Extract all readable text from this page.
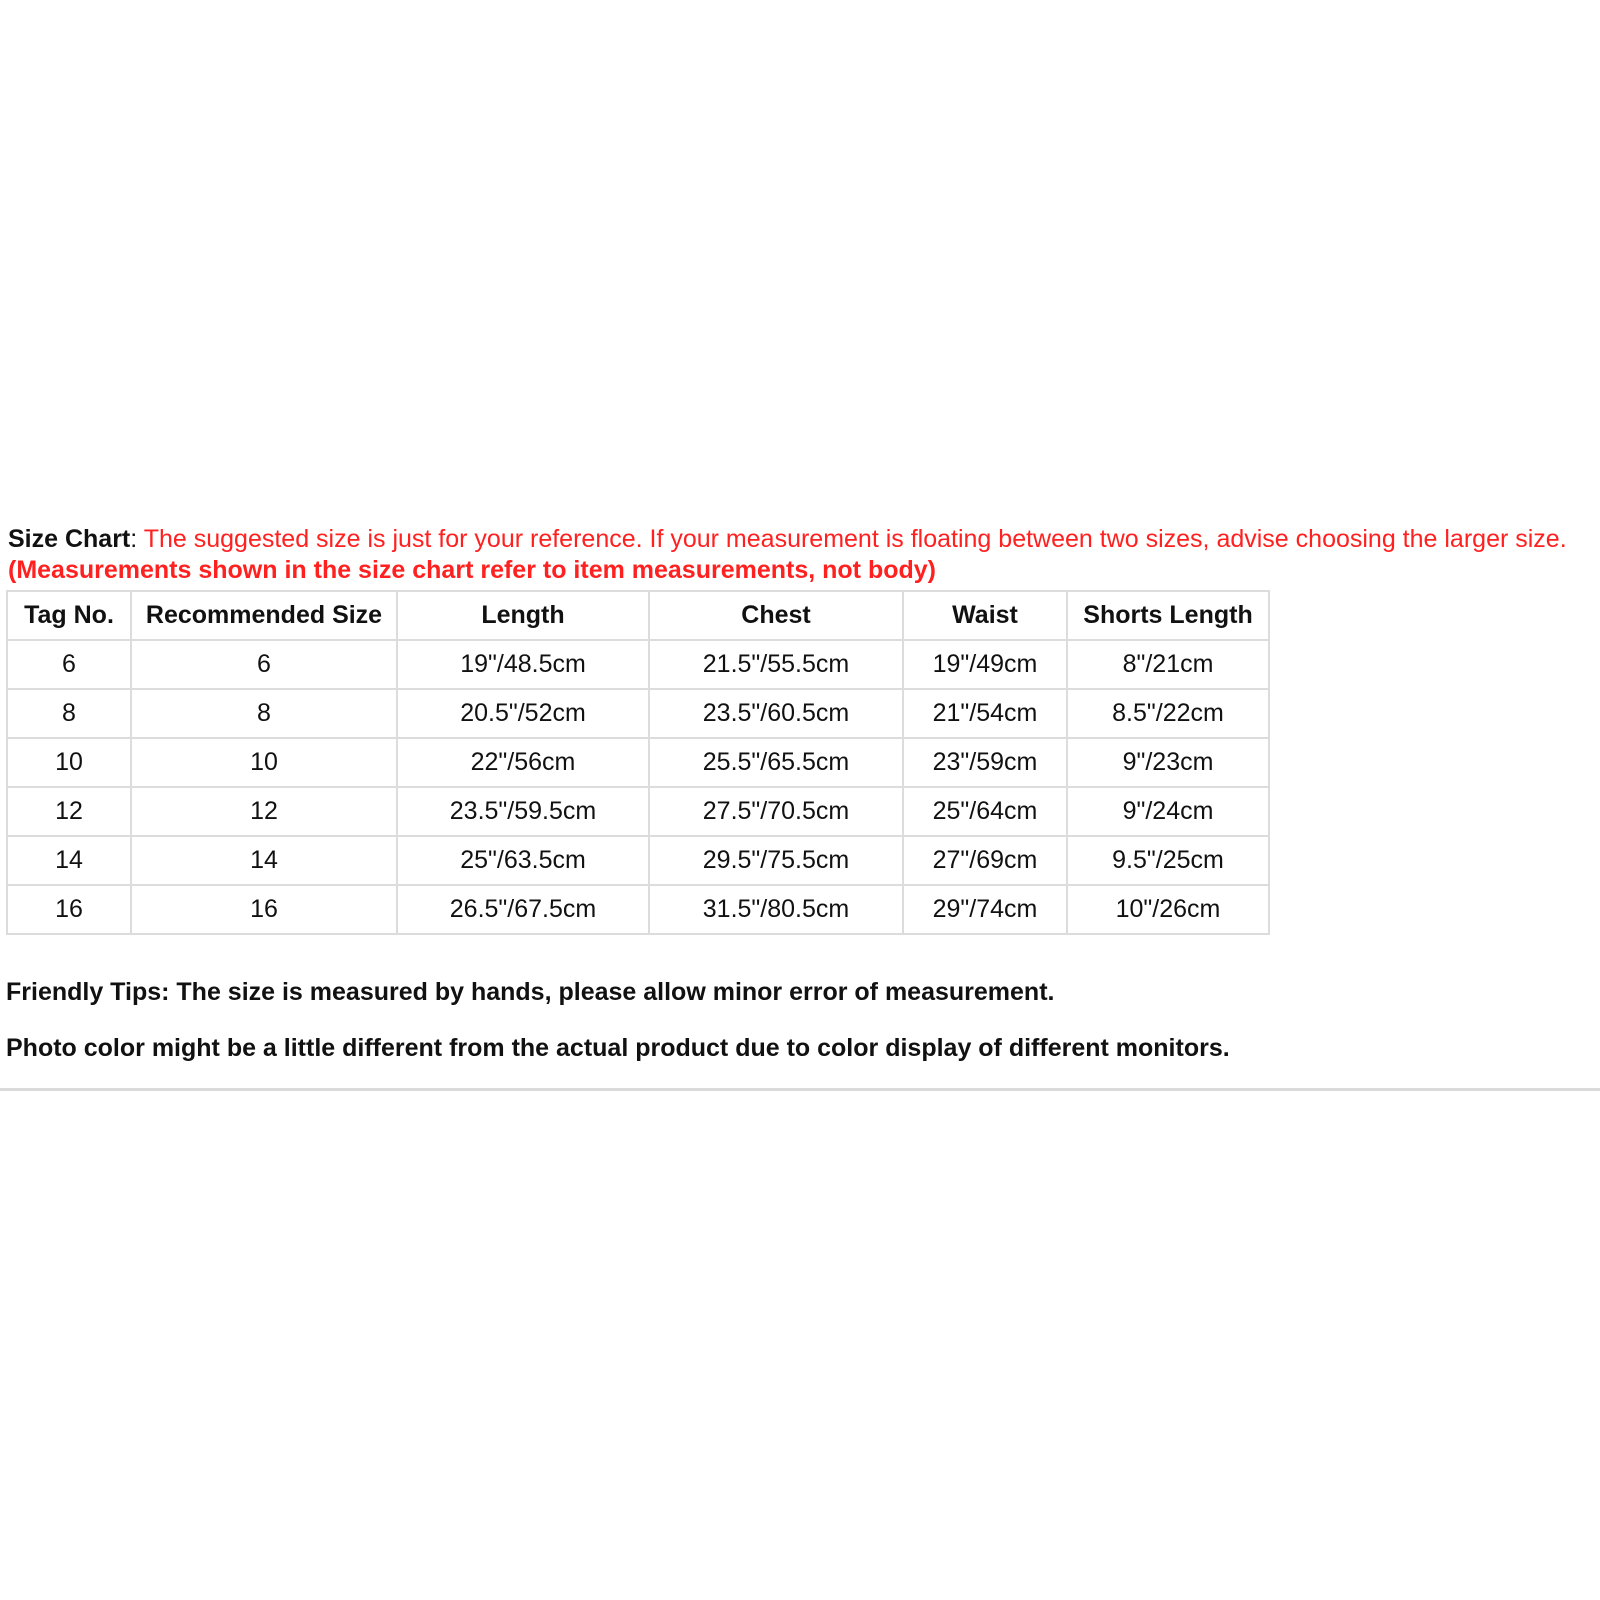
Size Chart: The suggested size is just for your reference. If your measurement is floating between two sizes, advise choosing the larger size. (Measurements shown in the size chart refer to item measurements, not body)
Tag No.	Recommended Size	Length	Chest	Waist	Shorts Length
6	6	19"/48.5cm	21.5"/55.5cm	19"/49cm	8"/21cm
8	8	20.5"/52cm	23.5"/60.5cm	21"/54cm	8.5"/22cm
10	10	22"/56cm	25.5"/65.5cm	23"/59cm	9"/23cm
12	12	23.5"/59.5cm	27.5"/70.5cm	25"/64cm	9"/24cm
14	14	25"/63.5cm	29.5"/75.5cm	27"/69cm	9.5"/25cm
16	16	26.5"/67.5cm	31.5"/80.5cm	29"/74cm	10"/26cm

Friendly Tips: The size is measured by hands, please allow minor error of measurement.

Photo color might be a little different from the actual product due to color display of different monitors.
